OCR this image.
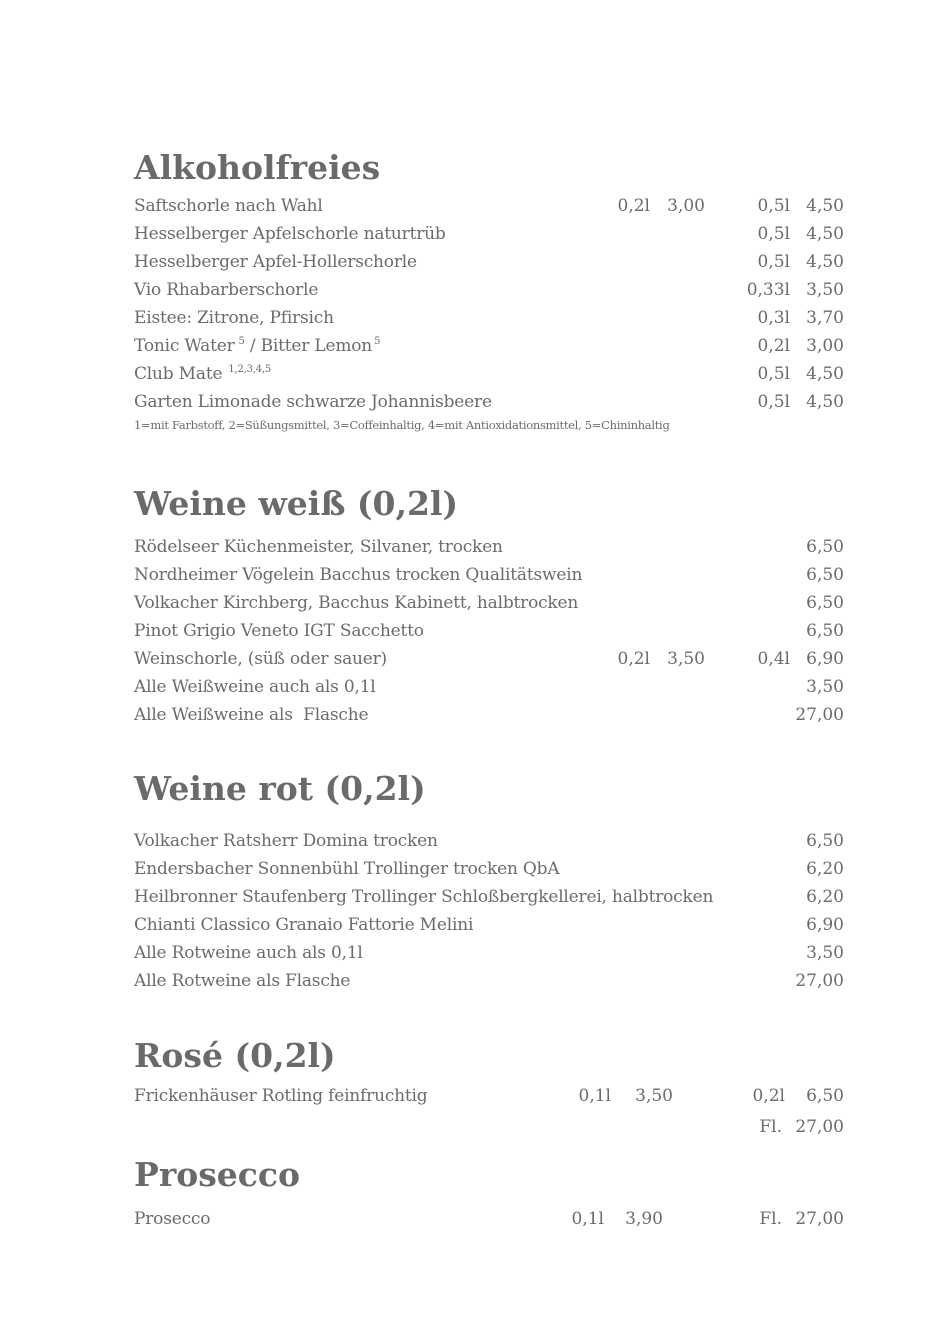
Alkoholfreies
Saftschorle nach Wahl	0,2l 3,00	0,5l 4,50
Hesselberger Apfelschorle naturtrüb	0,5l 4,50
Hesselberger Apfel-Hollerschorle	0,5l 4,50
Vio Rhabarberschorle	0,33l 3,50
Eistee: Zitrone, Pfirsich	0,3l 3,70
Tonic Water $^5$ / Bitter Lemon $^5$	0,2l 3,00
Club Mate $^{1,2,3,4,5}$	0,5l 4,50
Garten Limonade schwarze Johannisbeere	0,5l 4,50
1=mit Farbstoff, 2=Süßungsmittel, 3=Coffeinhaltig, 4=mit Antioxidationsmittel, 5=Chininhaltig
Weine weiß (0,2l)
Rödelseer Küchenmeister, Silvaner, trocken	6,50
Nordheimer Vögelein Bacchus trocken Qualitätswein	6,50
Volkacher Kirchberg, Bacchus Kabinett, halbtrocken	6,50
Pinot Grigio Veneto IGT Sacchetto	6,50
Weinschorle, (süß oder sauer)	0,2l 3,50	0,4l 6,90
Alle Weißweine auch als 0,1l	3,50
Alle Weißweine als  Flasche	27,00
Weine rot (0,2l)
Volkacher Ratsherr Domina trocken	6,50
Endersbacher Sonnenbühl Trollinger trocken QbA	6,20
Heilbronner Staufenberg Trollinger Schloßbergkellerei, halbtrocken	6,20
Chianti Classico Granaio Fattorie Melini	6,90
Alle Rotweine auch als 0,1l	3,50
Alle Rotweine als Flasche	27,00
Rosé (0,2l)
Frickenhäuser Rotling feinfruchtig	0,1l 3,50	0,2l 6,50
Fl. 27,00
Prosecco
Prosecco	0,1l 3,90	Fl. 27,00
